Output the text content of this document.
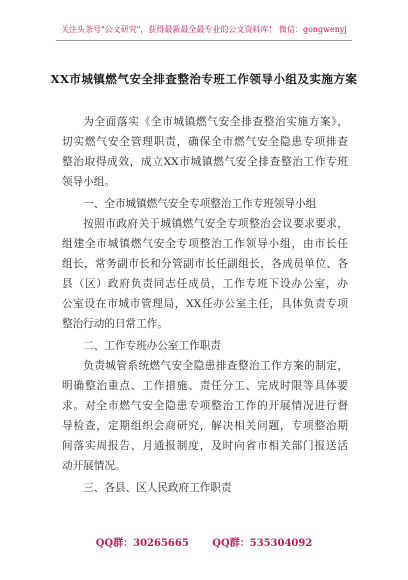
关注头条号"公文研究"，获得最新最全最专业的公文资料库！ 微信：gongwenyj
XX市城镇燃气安全排查整治专班工作领导小组及实施方案
为全面落实《全市城镇燃气安全排查整治实施方案》，
切实燃气安全管理职责，确保全市燃气安全隐患专项排查
整治取得成效，成立XX市城镇燃气安全排查整治工作专班
领导小组。
一、全市城镇燃气安全专项整治工作专班领导小组
按照市政府关于城镇燃气安全专项整治会议要求要求，
组建全市城镇燃气安全专项整治工作领导小组，由市长任
组长，常务副市长和分管副市长任副组长，各成员单位、各
县（区）政府负责同志任成员，工作专班下设办公室，办
公室设在市城市管理局，XX任办公室主任，具体负责专项
整治行动的日常工作。
二、工作专班办公室工作职责
负责城管系统燃气安全隐患排查整治工作方案的制定，
明确整治重点、工作措施、责任分工、完成时限等具体要
求。对全市燃气安全隐患专项整治工作的开展情况进行督
导检查，定期组织会商研究，解决相关问题，专项整治期
间落实周报告、月通报制度，及时向省市相关部门报送活
动开展情况。
三、各县、区人民政府工作职责
QQ群：30265665 QQ群：535304092
